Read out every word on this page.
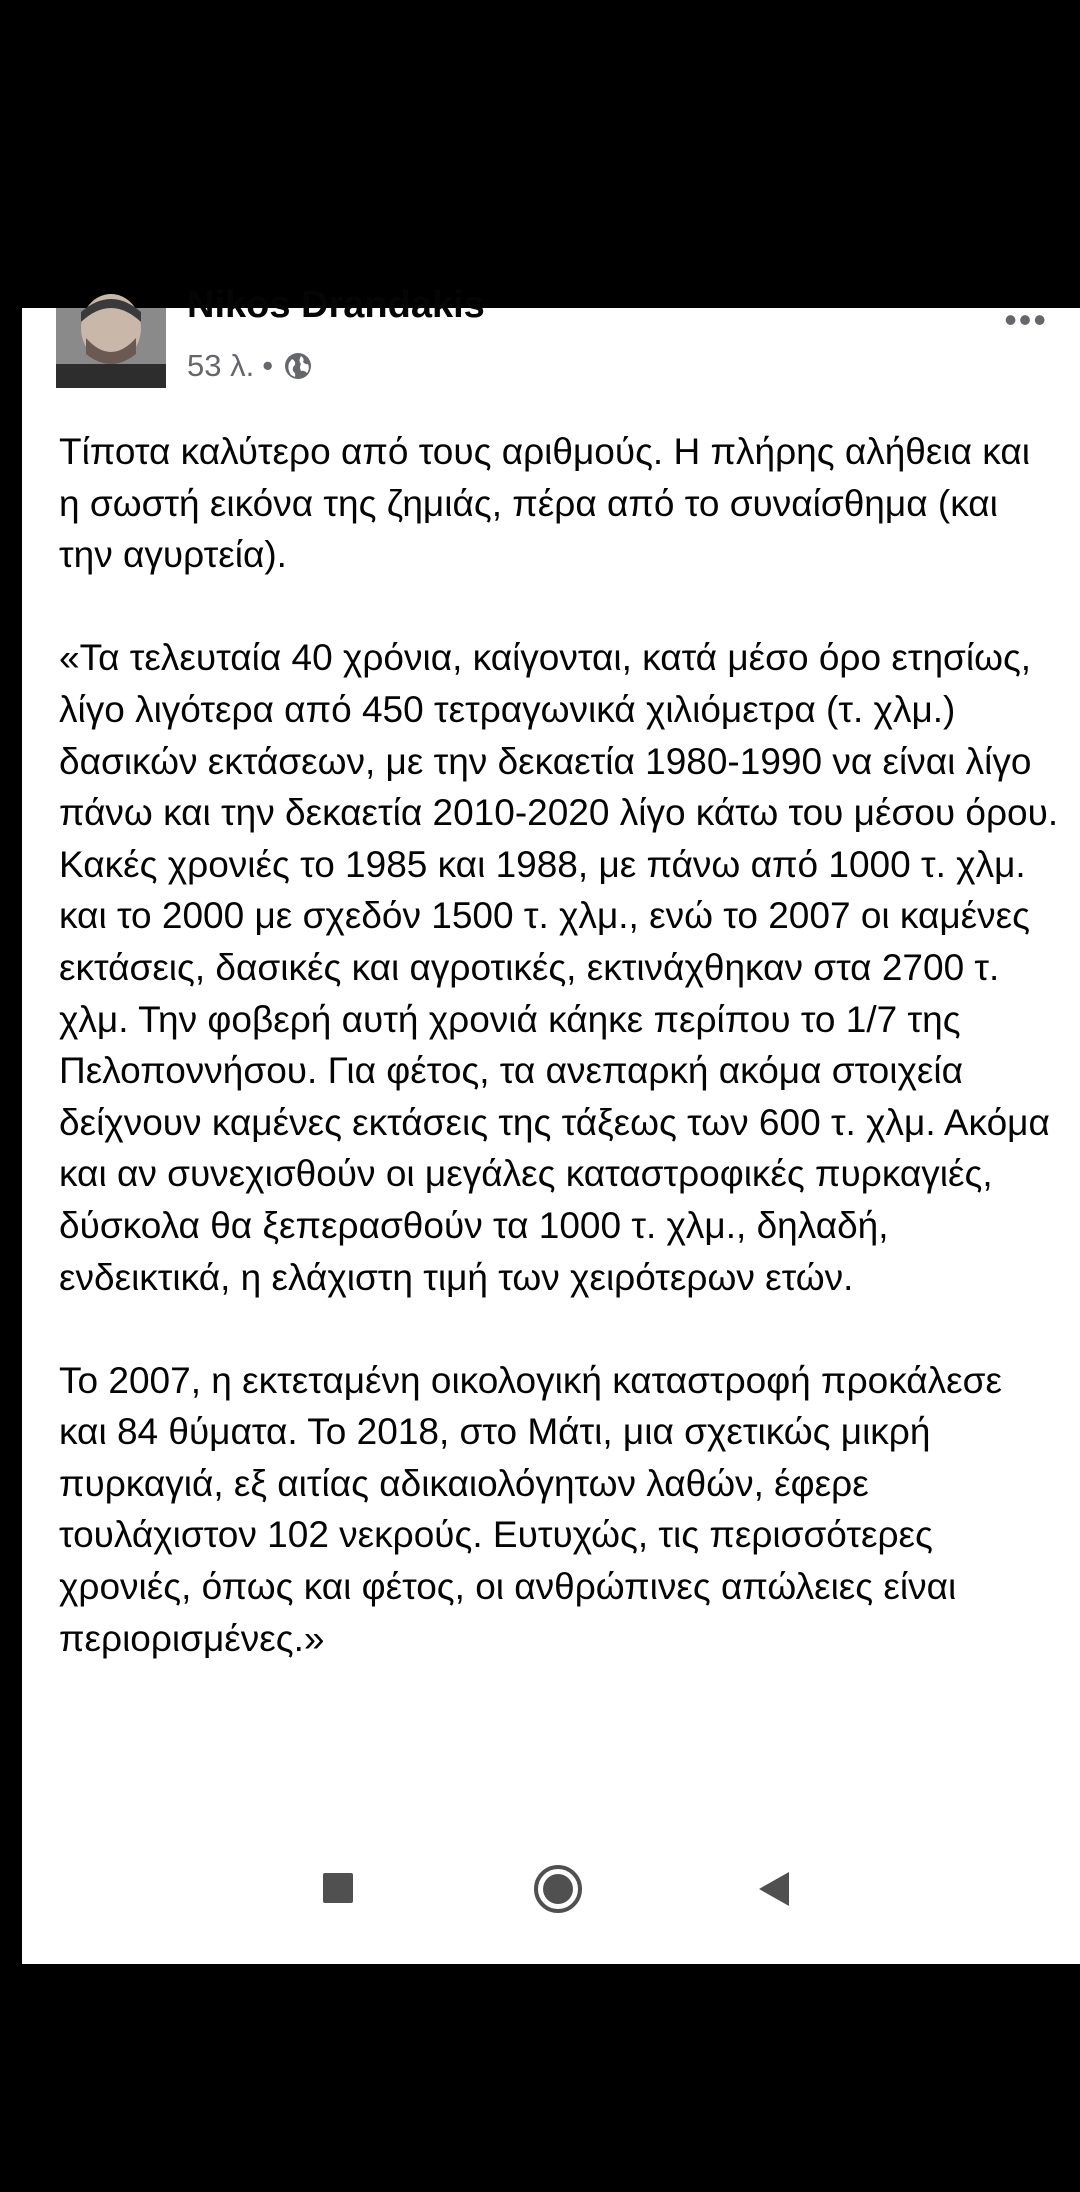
Nikos Drandakis
53 λ. •
•••

Τίποτα καλύτερο από τους αριθμούς. Η πλήρης αλήθεια και η σωστή εικόνα της ζημιάς, πέρα από το συναίσθημα (και την αγυρτεία).

«Τα τελευταία 40 χρόνια, καίγονται, κατά μέσο όρο ετησίως, λίγο λιγότερα από 450 τετραγωνικά χιλιόμετρα (τ. χλμ.) δασικών εκτάσεων, με την δεκαετία 1980-1990 να είναι λίγο πάνω και την δεκαετία 2010-2020 λίγο κάτω του μέσου όρου. Κακές χρονιές το 1985 και 1988, με πάνω από 1000 τ. χλμ. και το 2000 με σχεδόν 1500 τ. χλμ., ενώ το 2007 οι καμένες εκτάσεις, δασικές και αγροτικές, εκτινάχθηκαν στα 2700 τ. χλμ. Την φοβερή αυτή χρονιά κάηκε περίπου το 1/7 της Πελοποννήσου. Για φέτος, τα ανεπαρκή ακόμα στοιχεία δείχνουν καμένες εκτάσεις της τάξεως των 600 τ. χλμ. Ακόμα και αν συνεχισθούν οι μεγάλες καταστροφικές πυρκαγιές, δύσκολα θα ξεπερασθούν τα 1000 τ. χλμ., δηλαδή, ενδεικτικά, η ελάχιστη τιμή των χειρότερων ετών.

Το 2007, η εκτεταμένη οικολογική καταστροφή προκάλεσε και 84 θύματα. Το 2018, στο Μάτι, μια σχετικώς μικρή πυρκαγιά, εξ αιτίας αδικαιολόγητων λαθών, έφερε τουλάχιστον 102 νεκρούς. Ευτυχώς, τις περισσότερες χρονιές, όπως και φέτος, οι ανθρώπινες απώλειες είναι περιορισμένες.»
